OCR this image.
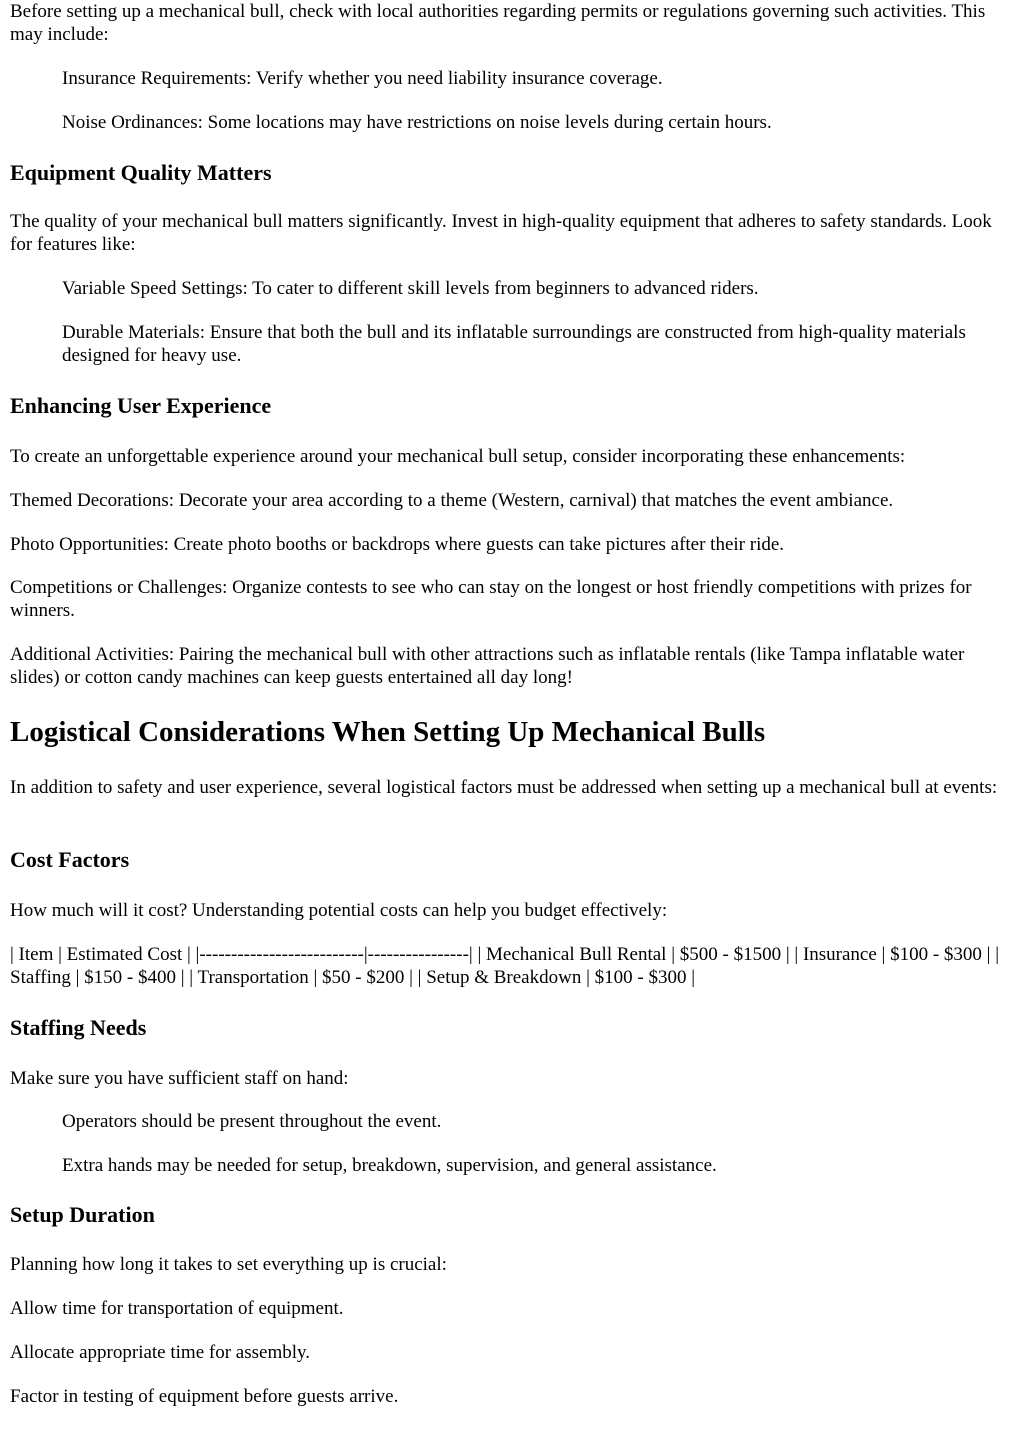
Before setting up a mechanical bull, check with local authorities regarding permits or regulations governing such activities. This may include:

Insurance Requirements: Verify whether you need liability insurance coverage.

Noise Ordinances: Some locations may have restrictions on noise levels during certain hours.

Equipment Quality Matters

The quality of your mechanical bull matters significantly. Invest in high-quality equipment that adheres to safety standards. Look for features like:

Variable Speed Settings: To cater to different skill levels from beginners to advanced riders.

Durable Materials: Ensure that both the bull and its inflatable surroundings are constructed from high-quality materials designed for heavy use.

Enhancing User Experience

To create an unforgettable experience around your mechanical bull setup, consider incorporating these enhancements:

Themed Decorations: Decorate your area according to a theme (Western, carnival) that matches the event ambiance.

Photo Opportunities: Create photo booths or backdrops where guests can take pictures after their ride.

Competitions or Challenges: Organize contests to see who can stay on the longest or host friendly competitions with prizes for winners.

Additional Activities: Pairing the mechanical bull with other attractions such as inflatable rentals (like Tampa inflatable water slides) or cotton candy machines can keep guests entertained all day long!

Logistical Considerations When Setting Up Mechanical Bulls

In addition to safety and user experience, several logistical factors must be addressed when setting up a mechanical bull at events:

Cost Factors

How much will it cost? Understanding potential costs can help you budget effectively:

| Item | Estimated Cost | |--------------------------|----------------| | Mechanical Bull Rental | $500 - $1500 | | Insurance | $100 - $300 | | Staffing | $150 - $400 | | Transportation | $50 - $200 | | Setup & Breakdown | $100 - $300 |

Staffing Needs

Make sure you have sufficient staff on hand:

Operators should be present throughout the event.

Extra hands may be needed for setup, breakdown, supervision, and general assistance.

Setup Duration

Planning how long it takes to set everything up is crucial:

Allow time for transportation of equipment.

Allocate appropriate time for assembly.

Factor in testing of equipment before guests arrive.
